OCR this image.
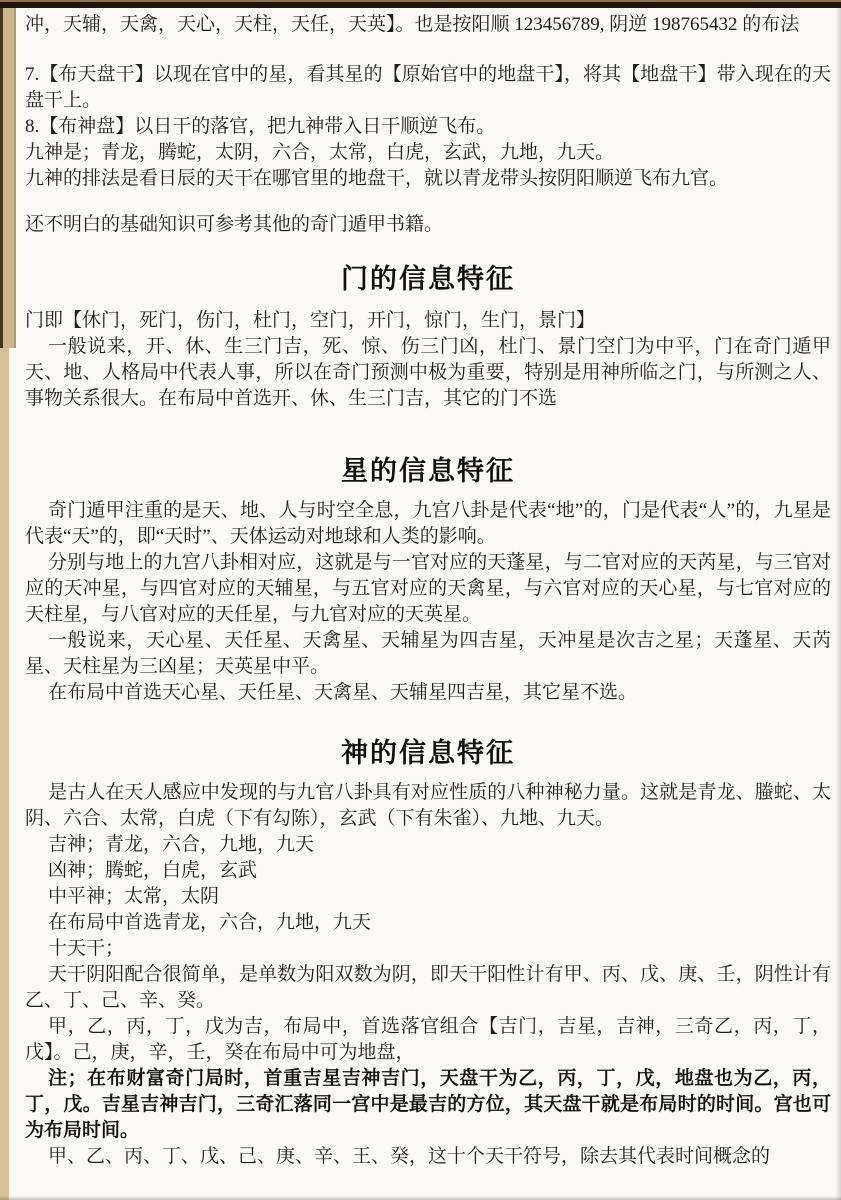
冲，天辅，天禽，天心，天柱，天任，天英】。也是按阳顺 123456789, 阴逆 198765432 的布法

7.【布天盘干】以现在官中的星，看其星的【原始官中的地盘干】，将其【地盘干】带入现在的天盘干上。

8.【布神盘】以日干的落官，把九神带入日干顺逆飞布。

九神是；青龙，腾蛇，太阴，六合，太常，白虎，玄武，九地，九天。

九神的排法是看日辰的天干在哪官里的地盘干，就以青龙带头按阴阳顺逆飞布九官。

还不明白的基础知识可参考其他的奇门遁甲书籍。

门的信息特征

门即【休门，死门，伤门，杜门，空门，开门，惊门，生门，景门】

一般说来，开、休、生三门吉，死、惊、伤三门凶，杜门、景门空门为中平，门在奇门遁甲天、地、人格局中代表人事，所以在奇门预测中极为重要，特别是用神所临之门，与所测之人、事物关系很大。在布局中首选开、休、生三门吉，其它的门不选

星的信息特征

奇门遁甲注重的是天、地、人与时空全息，九宫八卦是代表“地”的，门是代表“人”的，九星是代表“天”的，即“天时”、天体运动对地球和人类的影响。

分别与地上的九宫八卦相对应，这就是与一官对应的天蓬星，与二官对应的天芮星，与三官对应的天冲星，与四官对应的天辅星，与五官对应的天禽星，与六官对应的天心星，与七官对应的天柱星，与八官对应的天任星，与九官对应的天英星。

一般说来，天心星、天任星、天禽星、天辅星为四吉星，天冲星是次吉之星；天蓬星、天芮星、天柱星为三凶星；天英星中平。

在布局中首选天心星、天任星、天禽星、天辅星四吉星，其它星不选。

神的信息特征

是古人在天人感应中发现的与九官八卦具有对应性质的八种神秘力量。这就是青龙、螣蛇、太阴、六合、太常，白虎（下有勾陈），玄武（下有朱雀）、九地、九天。

吉神；青龙，六合，九地，九天

凶神；腾蛇，白虎，玄武

中平神；太常，太阴

在布局中首选青龙，六合，九地，九天

十天干；

天干阴阳配合很简单，是单数为阳双数为阴，即天干阳性计有甲、丙、戊、庚、壬，阴性计有乙、丁、己、辛、癸。

甲，乙，丙，丁，戊为吉，布局中，首选落官组合【吉门，吉星，吉神，三奇乙，丙，丁，戊】。己，庚，辛，壬，癸在布局中可为地盘，

注；在布财富奇门局时，首重吉星吉神吉门，天盘干为乙，丙，丁，戊，地盘也为乙，丙，丁，戊。吉星吉神吉门，三奇汇落同一宫中是最吉的方位，其天盘干就是布局时的时间。宫也可为布局时间。

甲、乙、丙、丁、戊、己、庚、辛、王、癸，这十个天干符号，除去其代表时间概念的
